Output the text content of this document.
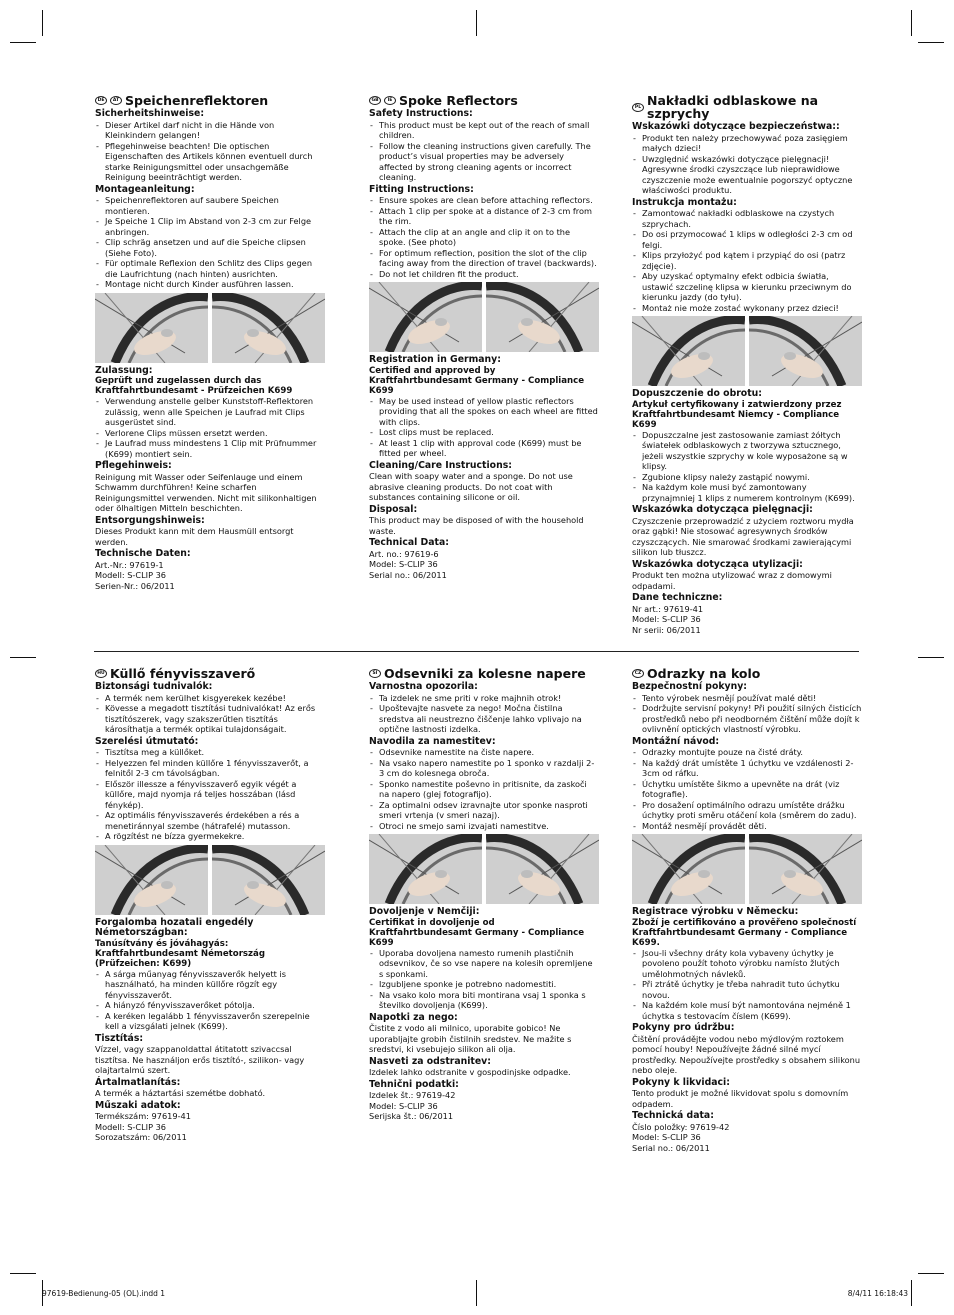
DE	AT Speichenreflektoren
Sicherheitshinweise:
- Dieser Artikel darf nicht in die Hände von Kleinkindern gelangen!
- Pflegehinweise beachten! Die optischen Eigenschaften des Artikels können eventuell durch starke Reinigungsmittel oder unsachgemäße Reinigung beeinträchtigt werden.
Montageanleitung:
- Speichenreflektoren auf saubere Speichen montieren.
- Je Speiche 1 Clip im Abstand von 2-3 cm zur Felge anbringen.
- Clip schräg ansetzen und auf die Speiche clipsen (Siehe Foto).
- Für optimale Reflexion den Schlitz des Clips gegen die Laufrichtung (nach hinten) ausrichten.
- Montage nicht durch Kinder ausführen lassen.
Zulassung:
Geprüft und zugelassen durch das Kraftfahrtbundesamt - Prüfzeichen K699
- Verwendung anstelle gelber Kunststoff-Reflektoren zulässig, wenn alle Speichen je Laufrad mit Clips ausgerüstet sind.
- Verlorene Clips müssen ersetzt werden.
- Je Laufrad muss mindestens 1 Clip mit Prüfnummer (K699) montiert sein.
Pflegehinweis:

Reinigung mit Wasser oder Seifenlauge und einem Schwamm durchführen! Keine scharfen Reinigungsmittel verwenden. Nicht mit silikonhaltigen oder ölhaltigen Mitteln beschichten.

Entsorgungshinweis:

Dieses Produkt kann mit dem Hausmüll entsorgt werden.

Technische Daten:

Art.-Nr.: 97619-1

Modell: S-CLIP 36

Serien-Nr.: 06/2011

GB	IE Spoke Reflectors
Safety Instructions:
- This product must be kept out of the reach of small children.
- Follow the cleaning instructions given carefully. The product’s visual properties may be adversely affected by strong cleaning agents or incorrect cleaning.
Fitting Instructions:
- Ensure spokes are clean before attaching reflectors.
- Attach 1 clip per spoke at a distance of 2-3 cm from the rim.
- Attach the clip at an angle and clip it on to the spoke. (See photo)
- For optimum reflection, position the slot of the clip facing away from the direction of travel (backwards).
- Do not let children fit the product.
Registration in Germany:
Certified and approved by Kraftfahrtbundesamt Germany - Compliance K699
- May be used instead of yellow plastic reflectors providing that all the spokes on each wheel are fitted with clips.
- Lost clips must be replaced.
- At least 1 clip with approval code (K699) must be fitted per wheel.
Cleaning/Care Instructions:

Clean with soapy water and a sponge. Do not use abrasive cleaning products. Do not coat with substances containing silicone or oil.

Disposal:

This product may be disposed of with the household waste.

Technical Data:

Art. no.: 97619-6

Model: S-CLIP 36

Serial no.: 06/2011

PL Nakładki odblaskowe na szprychy
Wskazówki dotyczące bezpieczeństwa::
- Produkt ten należy przechowywać poza zasięgiem małych dzieci!
- Uwzględnić wskazówki dotyczące pielęgnacji! Agresywne środki czyszczące lub nieprawidłowe czyszczenie może ewentualnie pogorszyć optyczne właściwości produktu.
Instrukcja montażu:
- Zamontować nakładki odblaskowe na czystych szprychach.
- Do osi przymocować 1 klips w odległości 2-3 cm od felgi.
- Klips przyłożyć pod kątem i przypiąć do osi (patrz zdjęcie).
- Aby uzyskać optymalny efekt odbicia światła, ustawić szczelinę klipsa w kierunku przeciwnym do kierunku jazdy (do tyłu).
- Montaż nie może zostać wykonany przez dzieci!
Dopuszczenie do obrotu:
Artykuł certyfikowany i zatwierdzony przez Kraftfahrtbundesamt Niemcy - Compliance K699
- Dopuszczalne jest zastosowanie zamiast żółtych światełek odblaskowych z tworzywa sztucznego, jeżeli wszystkie szprychy w kole wyposażone są w klipsy.
- Zgubione klipsy należy zastąpić nowymi.
- Na każdym kole musi być zamontowany przynajmniej 1 klips z numerem kontrolnym (K699).
Wskazówka dotycząca pielęgnacji:

Czyszczenie przeprowadzić z użyciem roztworu mydła oraz gąbki! Nie stosować agresywnych środków czyszczących. Nie smarować środkami zawierającymi silikon lub tłuszcz.

Wskazówka dotycząca utylizacji:

Produkt ten można utylizować wraz z domowymi odpadami.

Dane techniczne:

Nr art.: 97619-41

Model: S-CLIP 36

Nr serii: 06/2011

HU Küllő fényvisszaverő
Biztonsági tudnivalók:
- A termék nem kerülhet kisgyerekek kezébe!
- Kövesse a megadott tisztítási tudnivalókat! Az erős tisztítószerek, vagy szakszerűtlen tisztítás károsíthatja a termék optikai tulajdonságait.
Szerelési útmutató:
- Tisztítsa meg a küllőket.
- Helyezzen fel minden küllőre 1 fényvisszaverőt, a felnitől 2-3 cm távolságban.
- Először illessze a fényvisszaverő egyik végét a küllőre, majd nyomja rá teljes hosszában (lásd fénykép).
- Az optimális fényvisszaverés érdekében a rés a menetiránnyal szembe (hátrafelé) mutasson.
- A rögzítést ne bízza gyermekekre.
Forgalomba hozatali engedély Németországban:
Tanúsítvány és jóváhagyás: Kraftfahrtbundesamt Németország (Prüfzeichen: K699)
- A sárga műanyag fényvisszaverők helyett is használható, ha minden küllőre rögzít egy fényvisszaverőt.
- A hiányzó fényvisszaverőket pótolja.
- A keréken legalább 1 fényvisszaverőn szerepelnie kell a vizsgálati jelnek (K699).
Tisztítás:

Vízzel, vagy szappanoldattal átitatott szivaccsal tisztítsa. Ne használjon erős tisztító-, szilikon- vagy olajtartalmú szert.

Ártalmatlanítás:

A termék a háztartási szemétbe dobható.

Műszaki adatok:

Termékszám: 97619-41

Modell: S-CLIP 36

Sorozatszám: 06/2011

SI Odsevniki za kolesne napere
Varnostna opozorila:
- Ta izdelek ne sme priti v roke majhnih otrok!
- Upoštevajte nasvete za nego! Močna čistilna sredstva ali neustrezno čiščenje lahko vplivajo na optične lastnosti izdelka.
Navodila za namestitev:
- Odsevnike namestite na čiste napere.
- Na vsako napero namestite po 1 sponko v razdalji 2-3 cm do kolesnega obroča.
- Sponko namestite poševno in pritisnite, da zaskoči na napero (glej fotografijo).
- Za optimalni odsev izravnajte utor sponke nasproti smeri vrtenja (v smeri nazaj).
- Otroci ne smejo sami izvajati namestitve.
Dovoljenje v Nemčiji:
Certifikat in dovoljenje od Kraftfahrtbundesamt Germany - Compliance K699
- Uporaba dovoljena namesto rumenih plastičnih odsevnikov, če so vse napere na kolesih opremljene s sponkami.
- Izgubljene sponke je potrebno nadomestiti.
- Na vsako kolo mora biti montirana vsaj 1 sponka s številko dovoljenja (K699).
Napotki za nego:

Čistite z vodo ali milnico, uporabite gobico! Ne uporabljajte grobih čistilnih sredstev. Ne mažite s sredstvi, ki vsebujejo silikon ali olja.

Nasveti za odstranitev:

Izdelek lahko odstranite v gospodinjske odpadke.

Tehnični podatki:

Izdelek št.: 97619-42

Model: S-CLIP 36

Serijska št.: 06/2011

CZ Odrazky na kolo
Bezpečnostní pokyny:
- Tento výrobek nesmějí používat malé děti!
- Dodržujte servisní pokyny! Při použití silných čisticích prostředků nebo při neodborném čištění může dojít k ovlivnění optických vlastností výrobku.
Montážní návod:
- Odrazky montujte pouze na čisté dráty.
- Na každý drát umístěte 1 úchytku ve vzdálenosti 2-3cm od ráfku.
- Úchytku umístěte šikmo a upevněte na drát (viz fotografie).
- Pro dosažení optimálního odrazu umístěte drážku úchytky proti směru otáčení kola (směrem do zadu).
- Montáž nesmějí provádět děti.
Registrace výrobku v Německu:
Zboží je certifikováno a prověřeno společností Kraftfahrtbundesamt Germany - Compliance K699.
- Jsou-li všechny dráty kola vybaveny úchytky je povoleno použít tohoto výrobku namísto žlutých umělohmotných návleků.
- Při ztrátě úchytky je třeba nahradit tuto úchytku novou.
- Na každém kole musí být namontována nejméně 1 úchytka s testovacím číslem (K699).
Pokyny pro údržbu:

Čištění provádějte vodou nebo mýdlovým roztokem pomocí houby! Nepoužívejte žádné silné mycí prostředky. Nepoužívejte prostředky s obsahem silikonu nebo oleje.

Pokyny k likvidaci:

Tento produkt je možné likvidovat spolu s domovním odpadem.

Technická data:

Číslo položky: 97619-42

Model: S-CLIP 36

Serial no.: 06/2011

97619-Bedienung-05 (OL).indd 1	8/4/11 16:18:43
